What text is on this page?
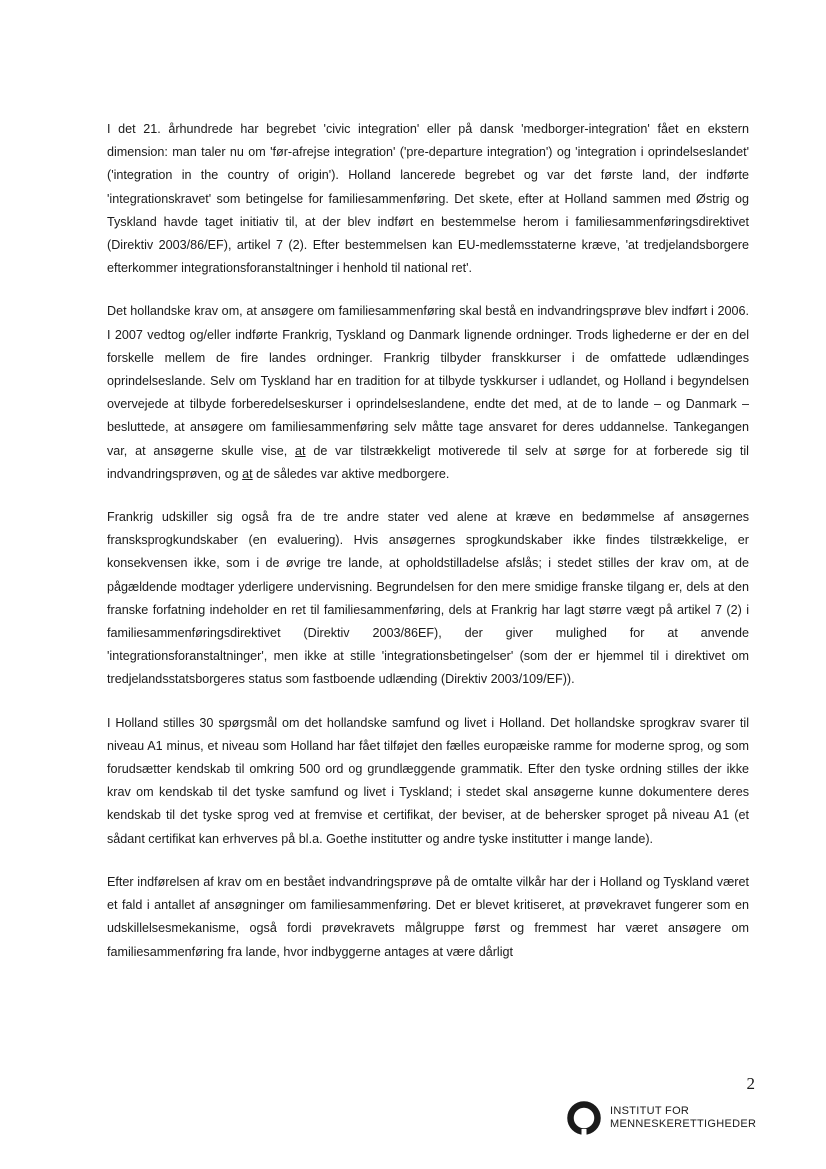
I det 21. århundrede har begrebet 'civic integration' eller på dansk 'medborger-integration' fået en ekstern dimension: man taler nu om 'før-afrejse integration' ('pre-departure integration') og 'integration i oprindelseslandet' ('integration in the country of origin'). Holland lancerede begrebet og var det første land, der indførte 'integrationskravet' som betingelse for familiesammenføring. Det skete, efter at Holland sammen med Østrig og Tyskland havde taget initiativ til, at der blev indført en bestemmelse herom i familiesammenføringsdirektivet (Direktiv 2003/86/EF), artikel 7 (2). Efter bestemmelsen kan EU-medlemsstaterne kræve, 'at tredjelandsborgere efterkommer integrationsforanstaltninger i henhold til national ret'.

Det hollandske krav om, at ansøgere om familiesammenføring skal bestå en indvandringsprøve blev indført i 2006. I 2007 vedtog og/eller indførte Frankrig, Tyskland og Danmark lignende ordninger. Trods lighederne er der en del forskelle mellem de fire landes ordninger. Frankrig tilbyder franskkurser i de omfattede udlændinges oprindelseslande. Selv om Tyskland har en tradition for at tilbyde tyskkurser i udlandet, og Holland i begyndelsen overvejede at tilbyde forberedelseskurser i oprindelseslandene, endte det med, at de to lande – og Danmark – besluttede, at ansøgere om familiesammenføring selv måtte tage ansvaret for deres uddannelse. Tankegangen var, at ansøgerne skulle vise, at de var tilstrækkeligt motiverede til selv at sørge for at forberede sig til indvandringsprøven, og at de således var aktive medborgere.

Frankrig udskiller sig også fra de tre andre stater ved alene at kræve en bedømmelse af ansøgernes fransksprogkundskaber (en evaluering). Hvis ansøgernes sprogkundskaber ikke findes tilstrækkelige, er konsekvensen ikke, som i de øvrige tre lande, at opholdstilladelse afslås; i stedet stilles der krav om, at de pågældende modtager yderligere undervisning. Begrundelsen for den mere smidige franske tilgang er, dels at den franske forfatning indeholder en ret til familiesammenføring, dels at Frankrig har lagt større vægt på artikel 7 (2) i familiesammenføringsdirektivet (Direktiv 2003/86EF), der giver mulighed for at anvende 'integrationsforanstaltninger', men ikke at stille 'integrationsbetingelser' (som der er hjemmel til i direktivet om tredjelandsstatsborgeres status som fastboende udlænding (Direktiv 2003/109/EF)).

I Holland stilles 30 spørgsmål om det hollandske samfund og livet i Holland. Det hollandske sprogkrav svarer til niveau A1 minus, et niveau som Holland har fået tilføjet den fælles europæiske ramme for moderne sprog, og som forudsætter kendskab til omkring 500 ord og grundlæggende grammatik. Efter den tyske ordning stilles der ikke krav om kendskab til det tyske samfund og livet i Tyskland; i stedet skal ansøgerne kunne dokumentere deres kendskab til det tyske sprog ved at fremvise et certifikat, der beviser, at de behersker sproget på niveau A1 (et sådant certifikat kan erhverves på bl.a. Goethe institutter og andre tyske institutter i mange lande).

Efter indførelsen af krav om en bestået indvandringsprøve på de omtalte vilkår har der i Holland og Tyskland været et fald i antallet af ansøgninger om familiesammenføring. Det er blevet kritiseret, at prøvekravet fungerer som en udskillelsesmekanisme, også fordi prøvekravets målgruppe først og fremmest har været ansøgere om familiesammenføring fra lande, hvor indbyggerne antages at være dårligt

2
INSTITUT FOR
MENNESKERETTIGHEDER
